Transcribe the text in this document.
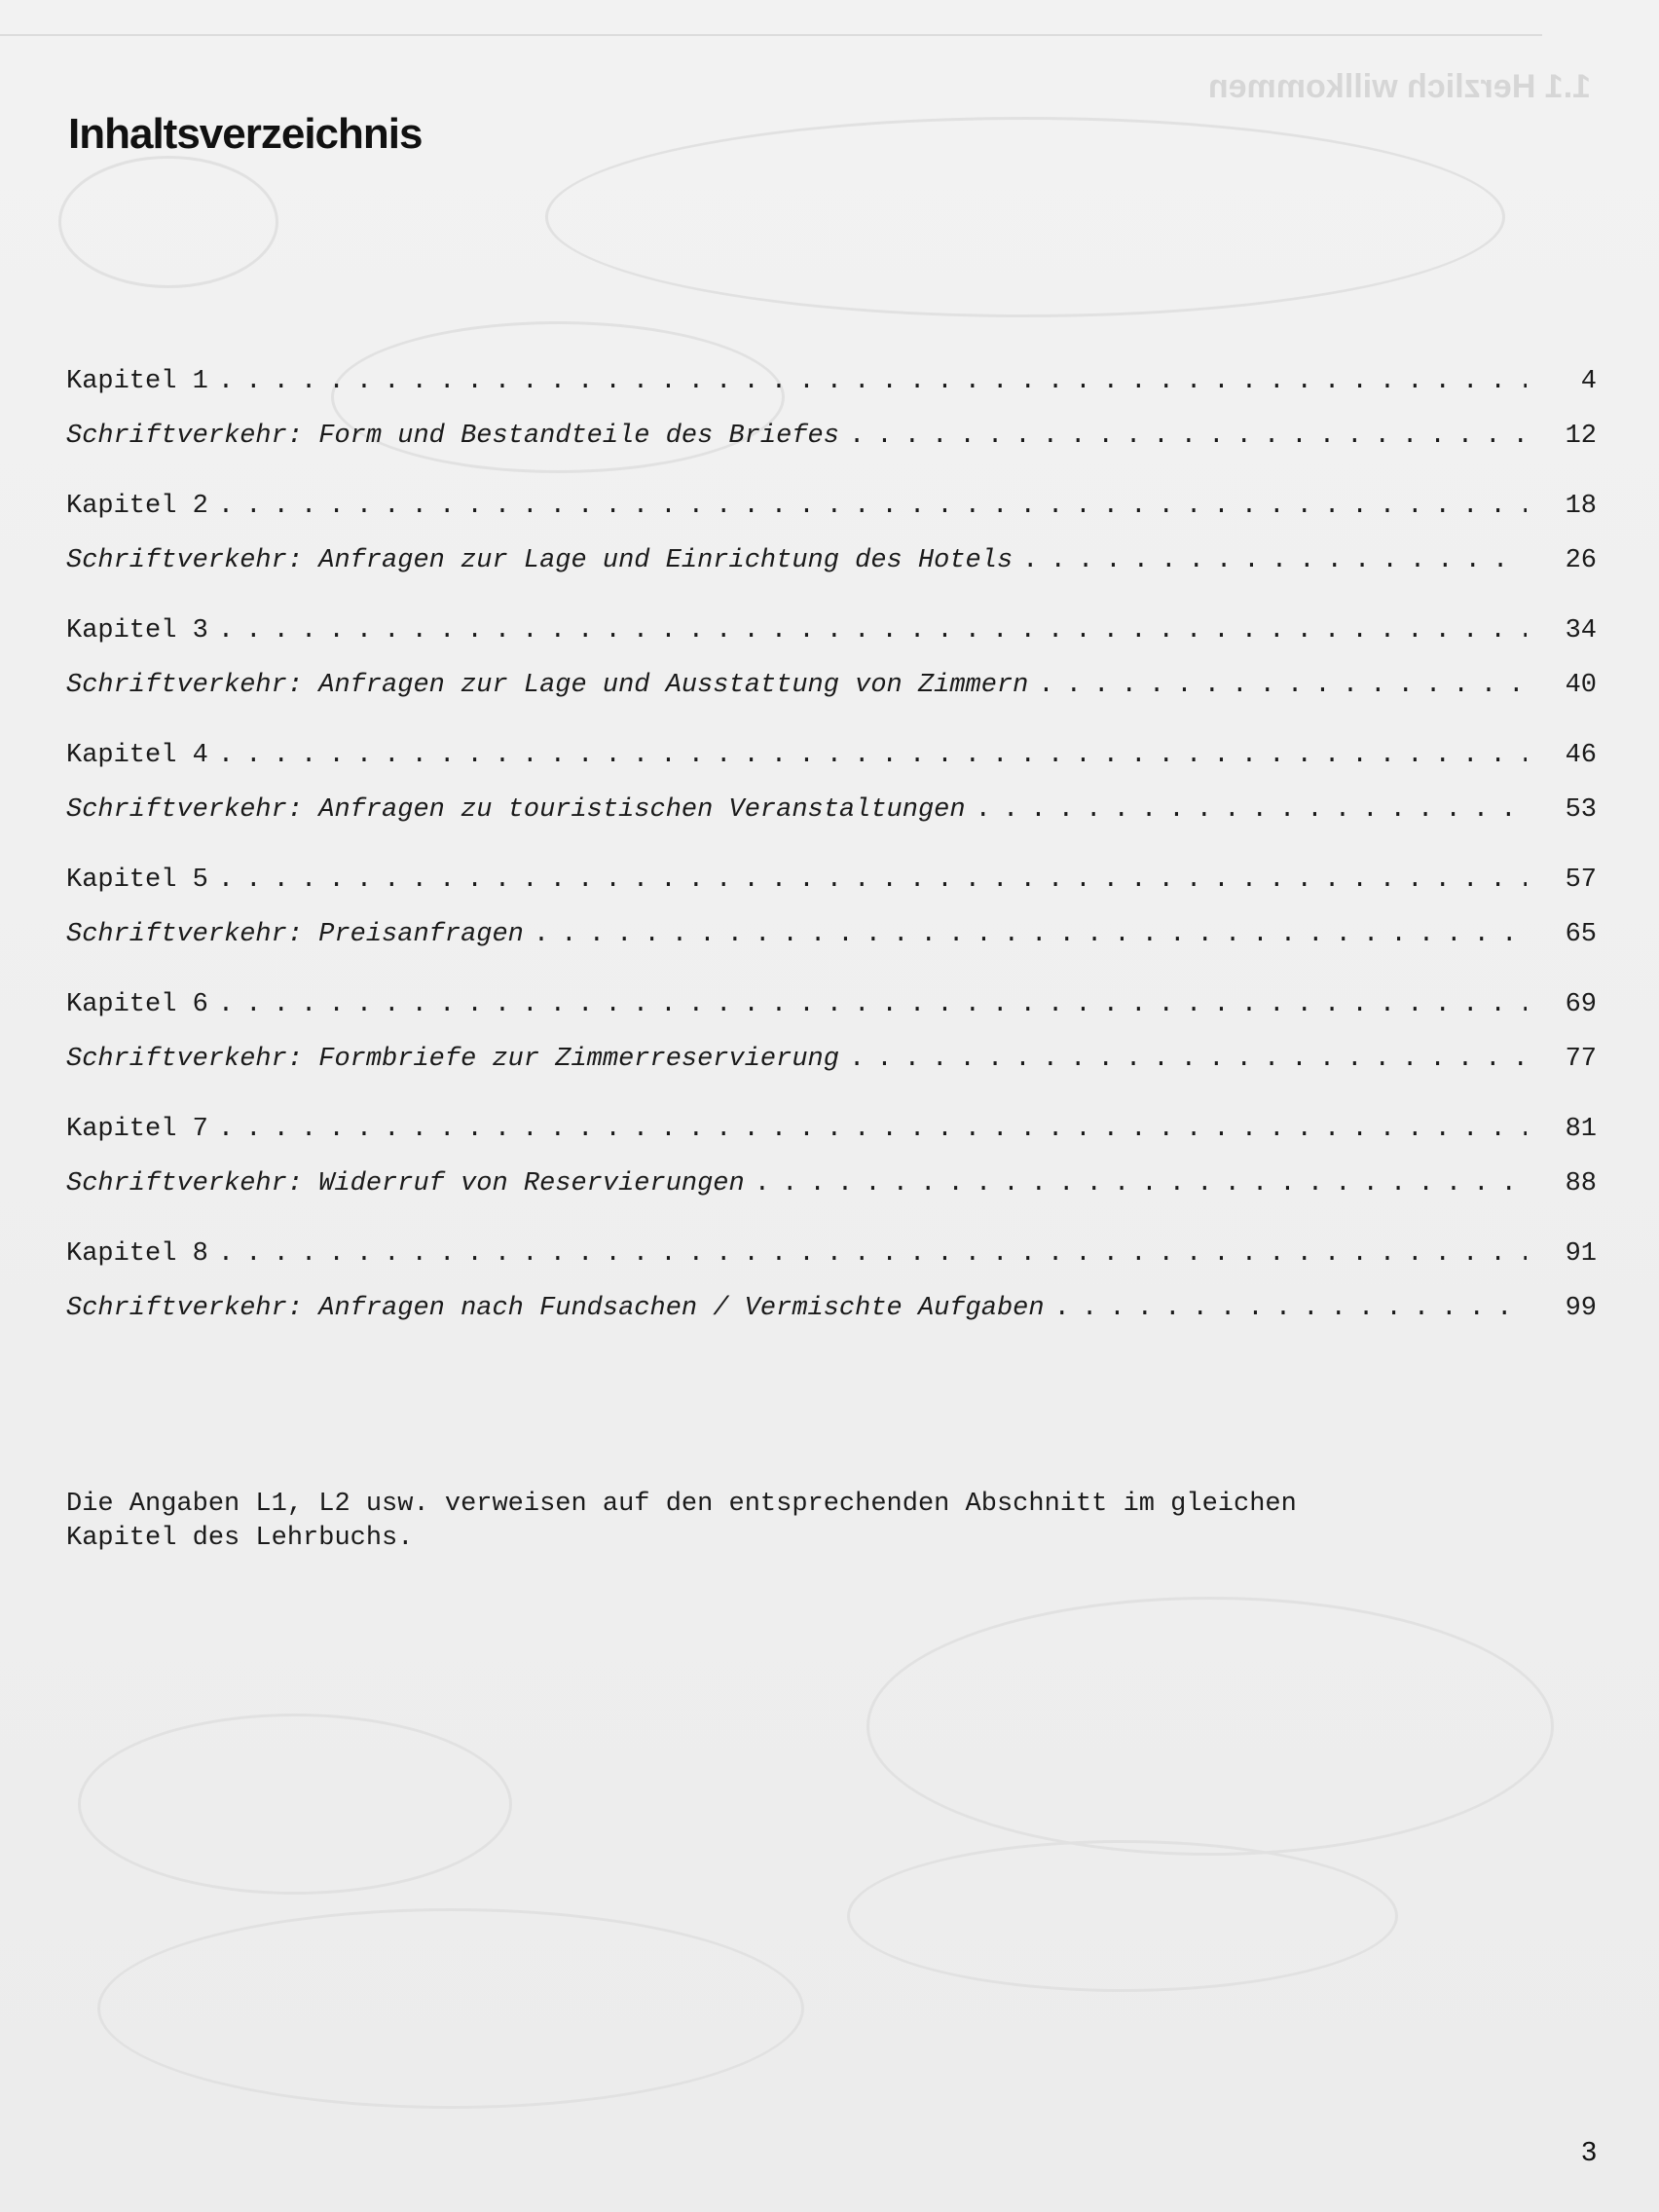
1.1 Herzlich willkommen
Inhaltsverzeichnis
Kapitel 1 . . .	4
Schriftverkehr: Form und Bestandteile des Briefes . . .	12
Kapitel 2 . . .	18
Schriftverkehr: Anfragen zur Lage und Einrichtung des Hotels . . .	26
Kapitel 3 . . .	34
Schriftverkehr: Anfragen zur Lage und Ausstattung von Zimmern . . .	40
Kapitel 4 . . .	46
Schriftverkehr: Anfragen zu touristischen Veranstaltungen . . .	53
Kapitel 5 . . .	57
Schriftverkehr: Preisanfragen . . .	65
Kapitel 6 . . .	69
Schriftverkehr: Formbriefe zur Zimmerreservierung . . .	77
Kapitel 7 . . .	81
Schriftverkehr: Widerruf von Reservierungen . . .	88
Kapitel 8 . . .	91
Schriftverkehr: Anfragen nach Fundsachen / Vermischte Aufgaben . . .	99
Die Angaben L1, L2 usw. verweisen auf den entsprechenden Abschnitt im gleichen
Kapitel des Lehrbuchs.
3
